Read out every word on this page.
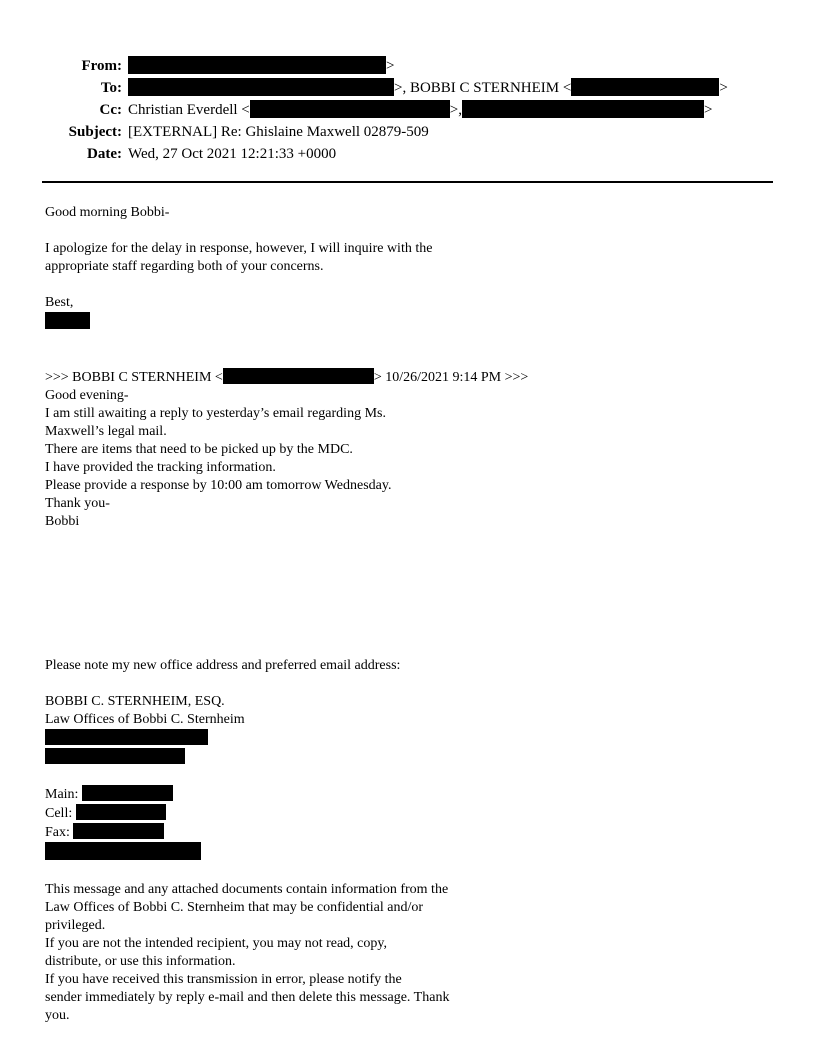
From:	>
To:	>, BOBBI C STERNHEIM <	>
Cc: Christian Everdell <	>,	>
Subject: [EXTERNAL] Re: Ghislaine Maxwell 02879-509
Date: Wed, 27 Oct 2021 12:21:33 +0000
Good morning Bobbi-

I apologize for the delay in response, however, I will inquire with the
appropriate staff regarding both of your concerns.

Best,

>>> BOBBI C STERNHEIM <	> 10/26/2021 9:14 PM >>>
Good evening-
I am still awaiting a reply to yesterday’s email regarding Ms.
Maxwell’s legal mail.
There are items that need to be picked up by the MDC.
I have provided the tracking information.
Please provide a response by 10:00 am tomorrow Wednesday.
Thank you-
Bobbi

Please note my new office address and preferred email address:

BOBBI C. STERNHEIM, ESQ.
Law Offices of Bobbi C. Sternheim

Main:
Cell:
Fax:

This message and any attached documents contain information from the
Law Offices of Bobbi C. Sternheim that may be confidential and/or
privileged.
If you are not the intended recipient, you may not read, copy,
distribute, or use this information.
If you have received this transmission in error, please notify the
sender immediately by reply e-mail and then delete this message. Thank
you.
